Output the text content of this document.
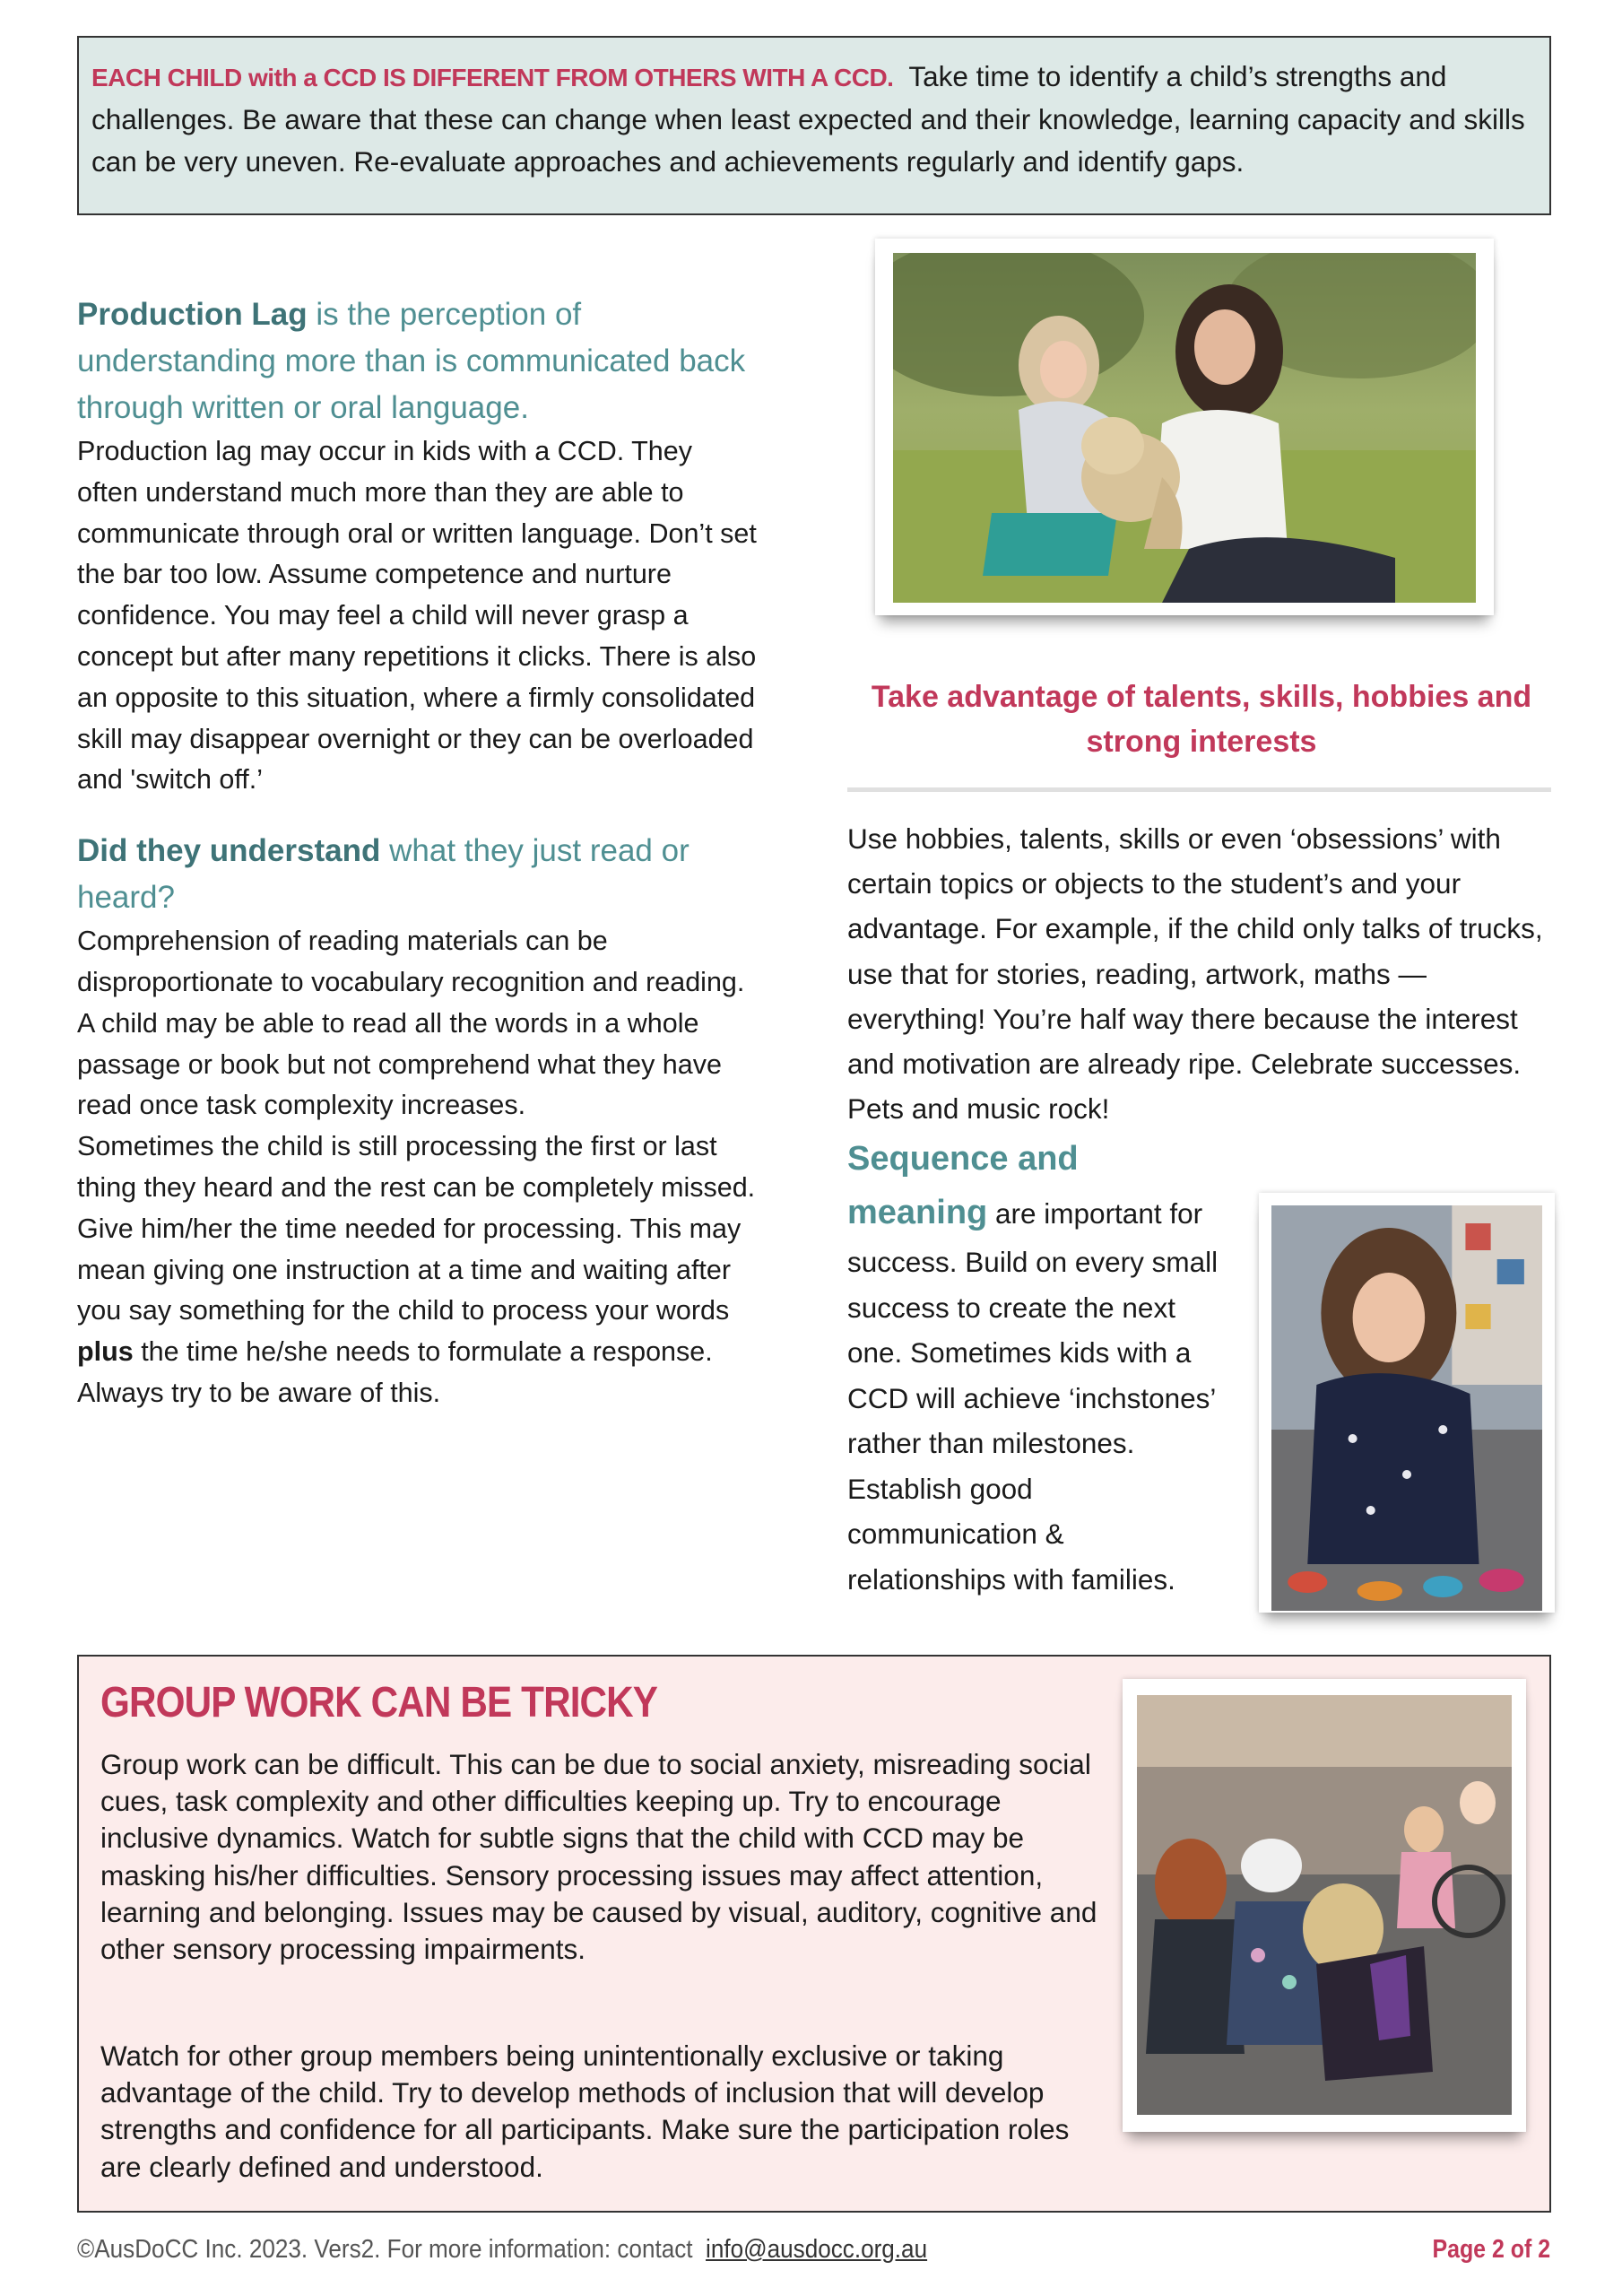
EACH CHILD with a CCD IS DIFFERENT FROM OTHERS WITH A CCD. Take time to identify a child’s strengths and challenges. Be aware that these can change when least expected and their knowledge, learning capacity and skills can be very uneven. Re-evaluate approaches and achievements regularly and identify gaps.
Production Lag is the perception of understanding more than is communicated back through written or oral language.
Production lag may occur in kids with a CCD. They often understand much more than they are able to communicate through oral or written language. Don’t set the bar too low. Assume competence and nurture confidence. You may feel a child will never grasp a concept but after many repetitions it clicks. There is also an opposite to this situation, where a firmly consolidated skill may disappear overnight or they can be overloaded and 'switch off.’
Did they understand what they just read or heard?
Comprehension of reading materials can be disproportionate to vocabulary recognition and reading. A child may be able to read all the words in a whole passage or book but not comprehend what they have read once task complexity increases.
Sometimes the child is still processing the first or last thing they heard and the rest can be completely missed. Give him/her the time needed for processing. This may mean giving one instruction at a time and waiting after you say something for the child to process your words plus the time he/she needs to formulate a response. Always try to be aware of this.
Take advantage of talents, skills, hobbies and strong interests
Use hobbies, talents, skills or even ‘obsessions’ with certain topics or objects to the student’s and your advantage. For example, if the child only talks of trucks, use that for stories, reading, artwork, maths — everything! You’re half way there because the interest and motivation are already ripe. Celebrate successes. Pets and music rock!
Sequence and
meaning are important for success. Build on every small success to create the next one. Sometimes kids with a CCD will achieve ‘inchstones’ rather than milestones. Establish good communication & relationships with families.
GROUP WORK CAN BE TRICKY
Group work can be difficult. This can be due to social anxiety, misreading social cues, task complexity and other difficulties keeping up. Try to encourage inclusive dynamics. Watch for subtle signs that the child with CCD may be masking his/her difficulties. Sensory processing issues may affect attention, learning and belonging. Issues may be caused by visual, auditory, cognitive and other sensory processing impairments.
Watch for other group members being unintentionally exclusive or taking advantage of the child. Try to develop methods of inclusion that will develop strengths and confidence for all participants. Make sure the participation roles are clearly defined and understood.
©AusDoCC Inc. 2023. Vers2. For more information: contact info@ausdocc.org.au	Page 2 of 2
